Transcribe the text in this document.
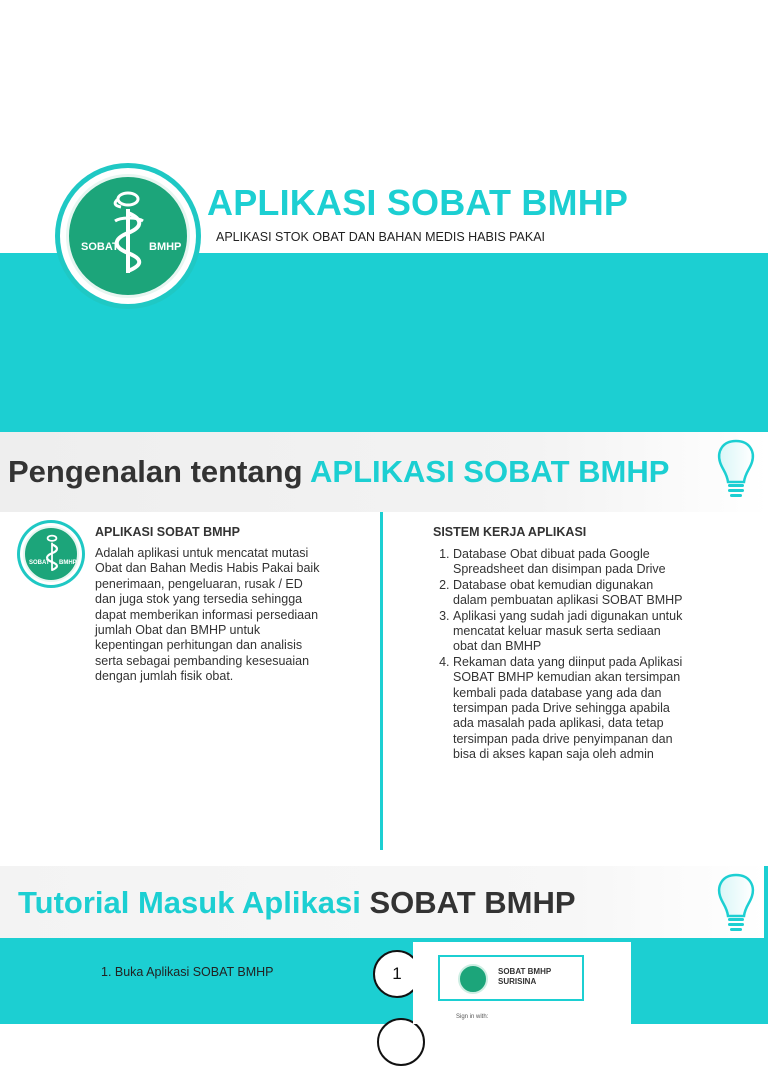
SOBAT	BMHP
APLIKASI SOBAT BMHP
APLIKASI STOK OBAT DAN BAHAN MEDIS HABIS PAKAI
Pengenalan tentang APLIKASI SOBAT BMHP
SOBAT BMHP
APLIKASI SOBAT BMHP
Adalah aplikasi untuk mencatat mutasi Obat dan Bahan Medis Habis Pakai baik penerimaan, pengeluaran, rusak / ED dan juga stok yang tersedia sehingga dapat memberikan informasi persediaan jumlah Obat dan BMHP untuk kepentingan perhitungan dan analisis serta sebagai pembanding kesesuaian dengan jumlah fisik obat.
SISTEM KERJA APLIKASI
1. Database Obat dibuat pada Google Spreadsheet dan disimpan pada Drive
2. Database obat kemudian digunakan dalam pembuatan aplikasi SOBAT BMHP
3. Aplikasi yang sudah jadi digunakan untuk mencatat keluar masuk serta sediaan obat dan BMHP
4. Rekaman data yang diinput pada Aplikasi SOBAT BMHP kemudian akan tersimpan kembali pada database yang ada dan tersimpan pada Drive sehingga apabila ada masalah pada aplikasi, data tetap tersimpan pada drive penyimpanan dan bisa di akses kapan saja oleh admin
Tutorial Masuk Aplikasi SOBAT BMHP
1. Buka Aplikasi SOBAT BMHP	1	SOBAT BMHP
SURISINA
Sign in with:
